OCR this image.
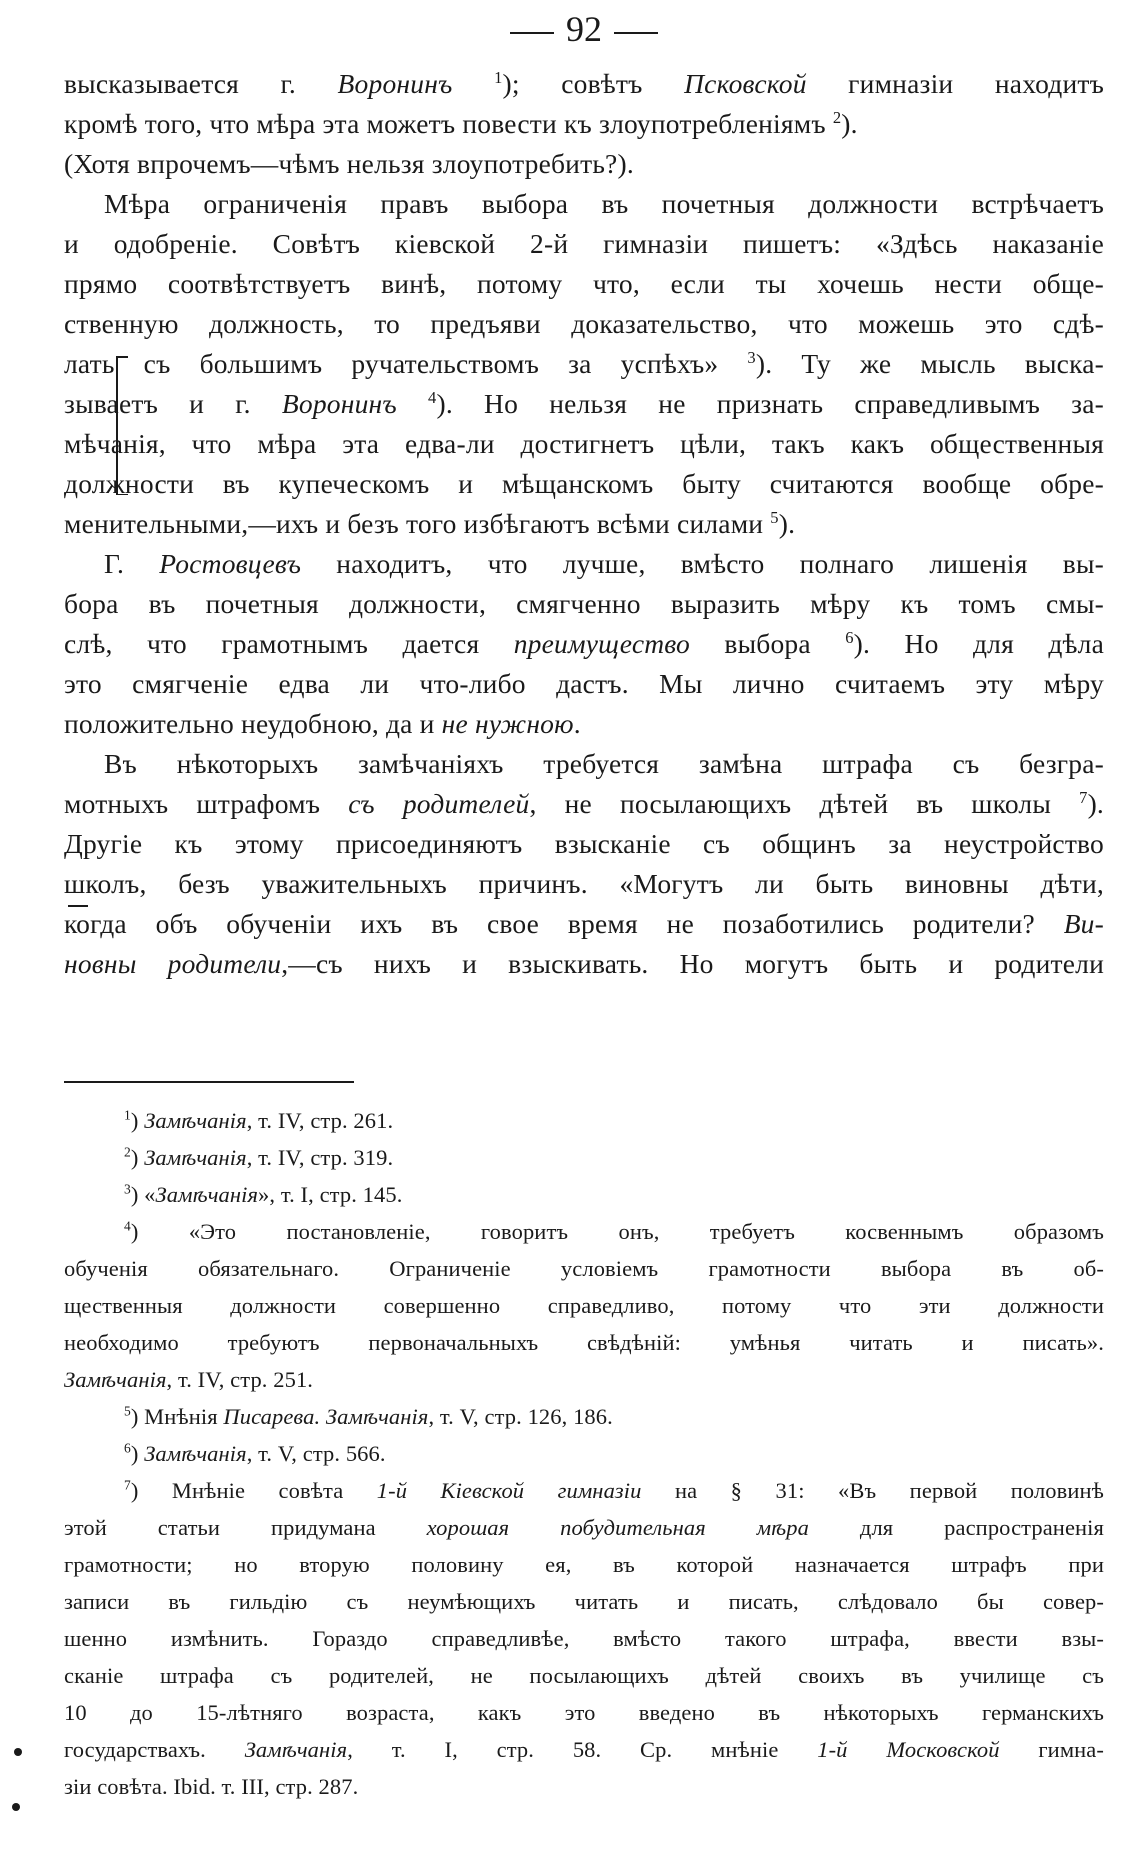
92
высказывается г. Воронинъ	$^1$); совѣтъ Псковской гимназіи находитъ
кромѣ того, что мѣра эта можетъ повести къ злоупотребленіямъ $^2$).
(Хотя впрочемъ—чѣмъ нельзя злоупотребить?).
Мѣра ограниченія правъ выбора въ почетныя должности встрѣчаетъ
и одобреніе. Совѣтъ кіевской 2-й гимназіи пишетъ: «Здѣсь наказаніе
прямо соотвѣтствуетъ винѣ, потому что, если ты хочешь нести обще-
ственную должность, то предъяви доказательство, что можешь это сдѣ-
лать съ большимъ ручательствомъ за успѣхъ» $^3$). Ту же мысль выска-
зываетъ и г. Воронинъ $^4$). Но нельзя не признать справедливымъ за-
мѣчанія, что мѣра эта едва-ли достигнетъ цѣли, такъ какъ общественныя
должности въ купеческомъ и мѣщанскомъ быту считаются вообще обре-
менительными,—ихъ и безъ того избѣгаютъ всѣми силами $^5$).
Г. Ростовцевъ находитъ, что лучше, вмѣсто полнаго лишенія вы-
бора въ почетныя должности, смягченно выразить мѣру къ томъ смы-
слѣ, что грамотнымъ дается преимущество выбора $^6$). Но для дѣла
это смягченіе едва ли что-либо дастъ. Мы лично считаемъ эту мѣру
положительно неудобною, да и не нужною.
Въ нѣкоторыхъ замѣчаніяхъ требуется замѣна штрафа съ безгра-
мотныхъ штрафомъ съ родителей, не посылающихъ дѣтей въ школы $^7$).
Другіе къ этому присоединяютъ взысканіе съ общинъ за неустройство
школъ, безъ уважительныхъ причинъ. «Могутъ ли быть виновны дѣти,
когда объ обученіи ихъ въ свое время не позаботились родители? Ви-
новны родители,—съ нихъ и взыскивать. Но могутъ быть и родители
$^1$) Замѣчанія, т. IV, стр. 261.
$^2$) Замѣчанія, т. IV, стр. 319.
$^3$) «Замѣчанія», т. I, стр. 145.
$^4$) «Это постановленіе, говоритъ онъ, требуетъ косвеннымъ образомъ
обученія обязательнаго. Ограниченіе условіемъ грамотности выбора въ об-
щественныя должности совершенно справедливо, потому что эти должности
необходимо требуютъ первоначальныхъ свѣдѣній: умѣнья читать и писать».
Замѣчанія, т. IV, стр. 251.
$^5$) Мнѣнія Писарева. Замѣчанія, т. V, стр. 126, 186.
$^6$) Замѣчанія, т. V, стр. 566.
$^7$) Мнѣніе совѣта 1-й Кіевской гимназіи на § 31: «Въ первой половинѣ
этой статьи придумана хорошая побудительная мѣра для распространенія
грамотности; но вторую половину ея, въ которой назначается штрафъ при
записи въ гильдію съ неумѣющихъ читать и писать, слѣдовало бы совер-
шенно измѣнить. Гораздо справедливѣе, вмѣсто такого штрафа, ввести взы-
сканіе штрафа съ родителей, не посылающихъ дѣтей своихъ въ училище съ
10 до 15-лѣтняго возраста, какъ это введено въ нѣкоторыхъ германскихъ
государствахъ. Замѣчанія, т. I, стр. 58. Ср. мнѣніе 1-й Московской гимна-
зіи совѣта. Ibid. т. III, стр. 287.
